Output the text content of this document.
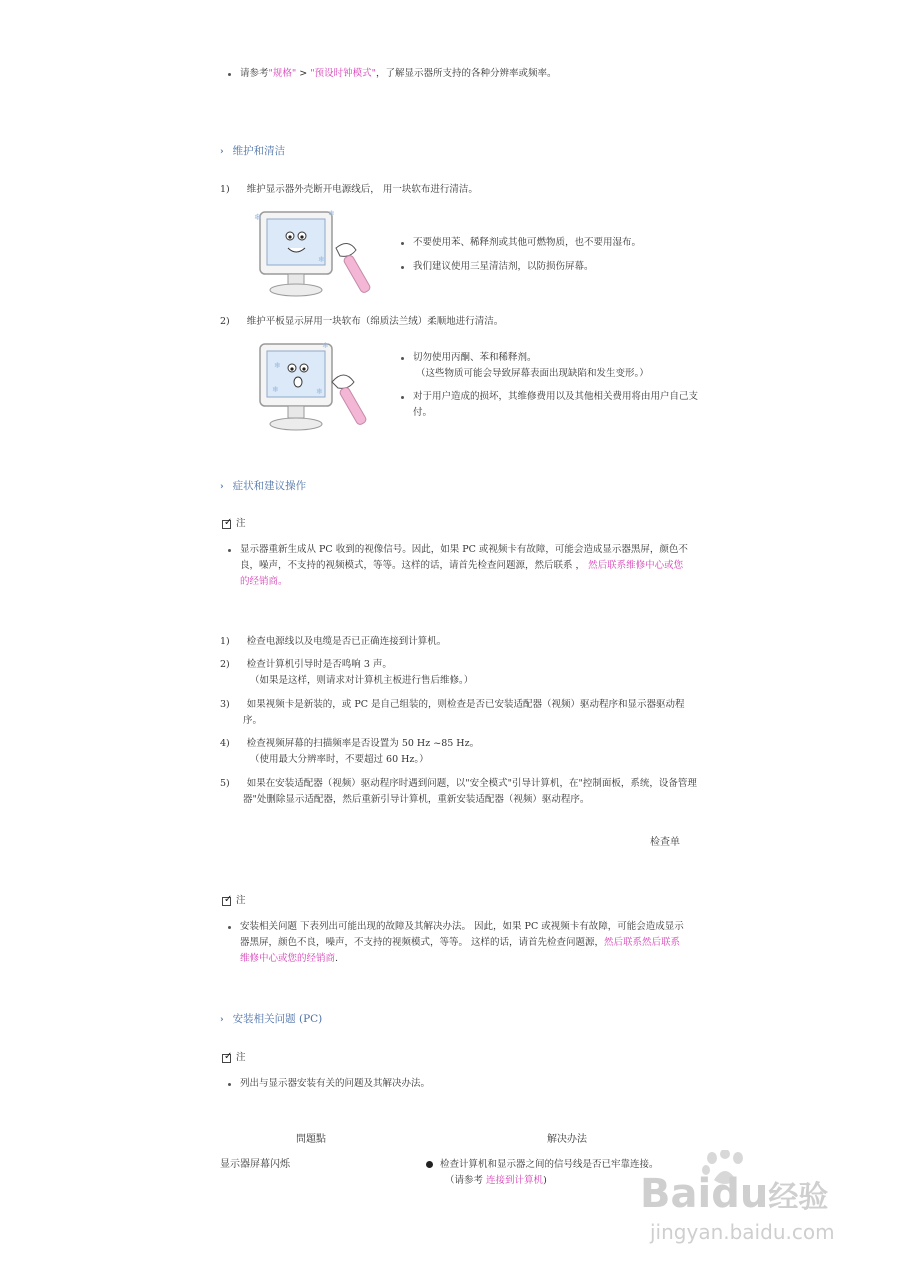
请参考"规格" > "预设时钟模式"，了解显示器所支持的各种分辨率或频率。
› 维护和清洁
1) 维护显示器外壳断开电源线后， 用一块软布进行清洁。
❄	❄
❄
不要使用苯、稀释剂或其他可燃物质，也不要用湿布。
我们建议使用三星清洁剂，以防损伤屏幕。
2) 维护平板显示屏用一块软布（绵质法兰绒）柔顺地进行清洁。
❄
❄
❄
❄
切勿使用丙酮、苯和稀释剂。
（这些物质可能会导致屏幕表面出现缺陷和发生变形。）
对于用户造成的损坏，其维修费用以及其他相关费用将由用户自己支
付。
› 症状和建议操作
✓
注
显示器重新生成从 PC 收到的视像信号。因此，如果 PC 或视频卡有故障，可能会造成显示器黑屏，颜色不
良，噪声，不支持的视频模式，等等。这样的话，请首先检查问题源，然后联系 ， 然后联系维修中心或您
的经销商。
1) 检查电源线以及电缆是否已正确连接到计算机。
2) 检查计算机引导时是否鸣响 3 声。
（如果是这样，则请求对计算机主板进行售后维修。）
3) 如果视频卡是新装的，或 PC 是自己组装的，则检查是否已安装适配器（视频）驱动程序和显示器驱动程
序。
4) 检查视频屏幕的扫描频率是否设置为 50 Hz ~85 Hz。
（使用最大分辨率时，不要超过 60 Hz。）
5) 如果在安装适配器（视频）驱动程序时遇到问题，以"安全模式"引导计算机，在"控制面板，系统，设备管理
器"处删除显示适配器，然后重新引导计算机，重新安装适配器（视频）驱动程序。
检查单
✓
注
安装相关问题 下表列出可能出现的故障及其解决办法。 因此，如果 PC 或视频卡有故障，可能会造成显示
器黑屏，颜色不良，噪声，不支持的视频模式，等等。 这样的话，请首先检查问题源，然后联系然后联系
维修中心或您的经销商.
› 安装相关问题 (PC)
✓
注
列出与显示器安装有关的问题及其解决办法。
問題點	解决办法
显示器屏幕闪烁	检查计算机和显示器之间的信号线是否已牢靠连接。
（请参考 连接到计算机) Baidu经验
jingyan.baidu.com
